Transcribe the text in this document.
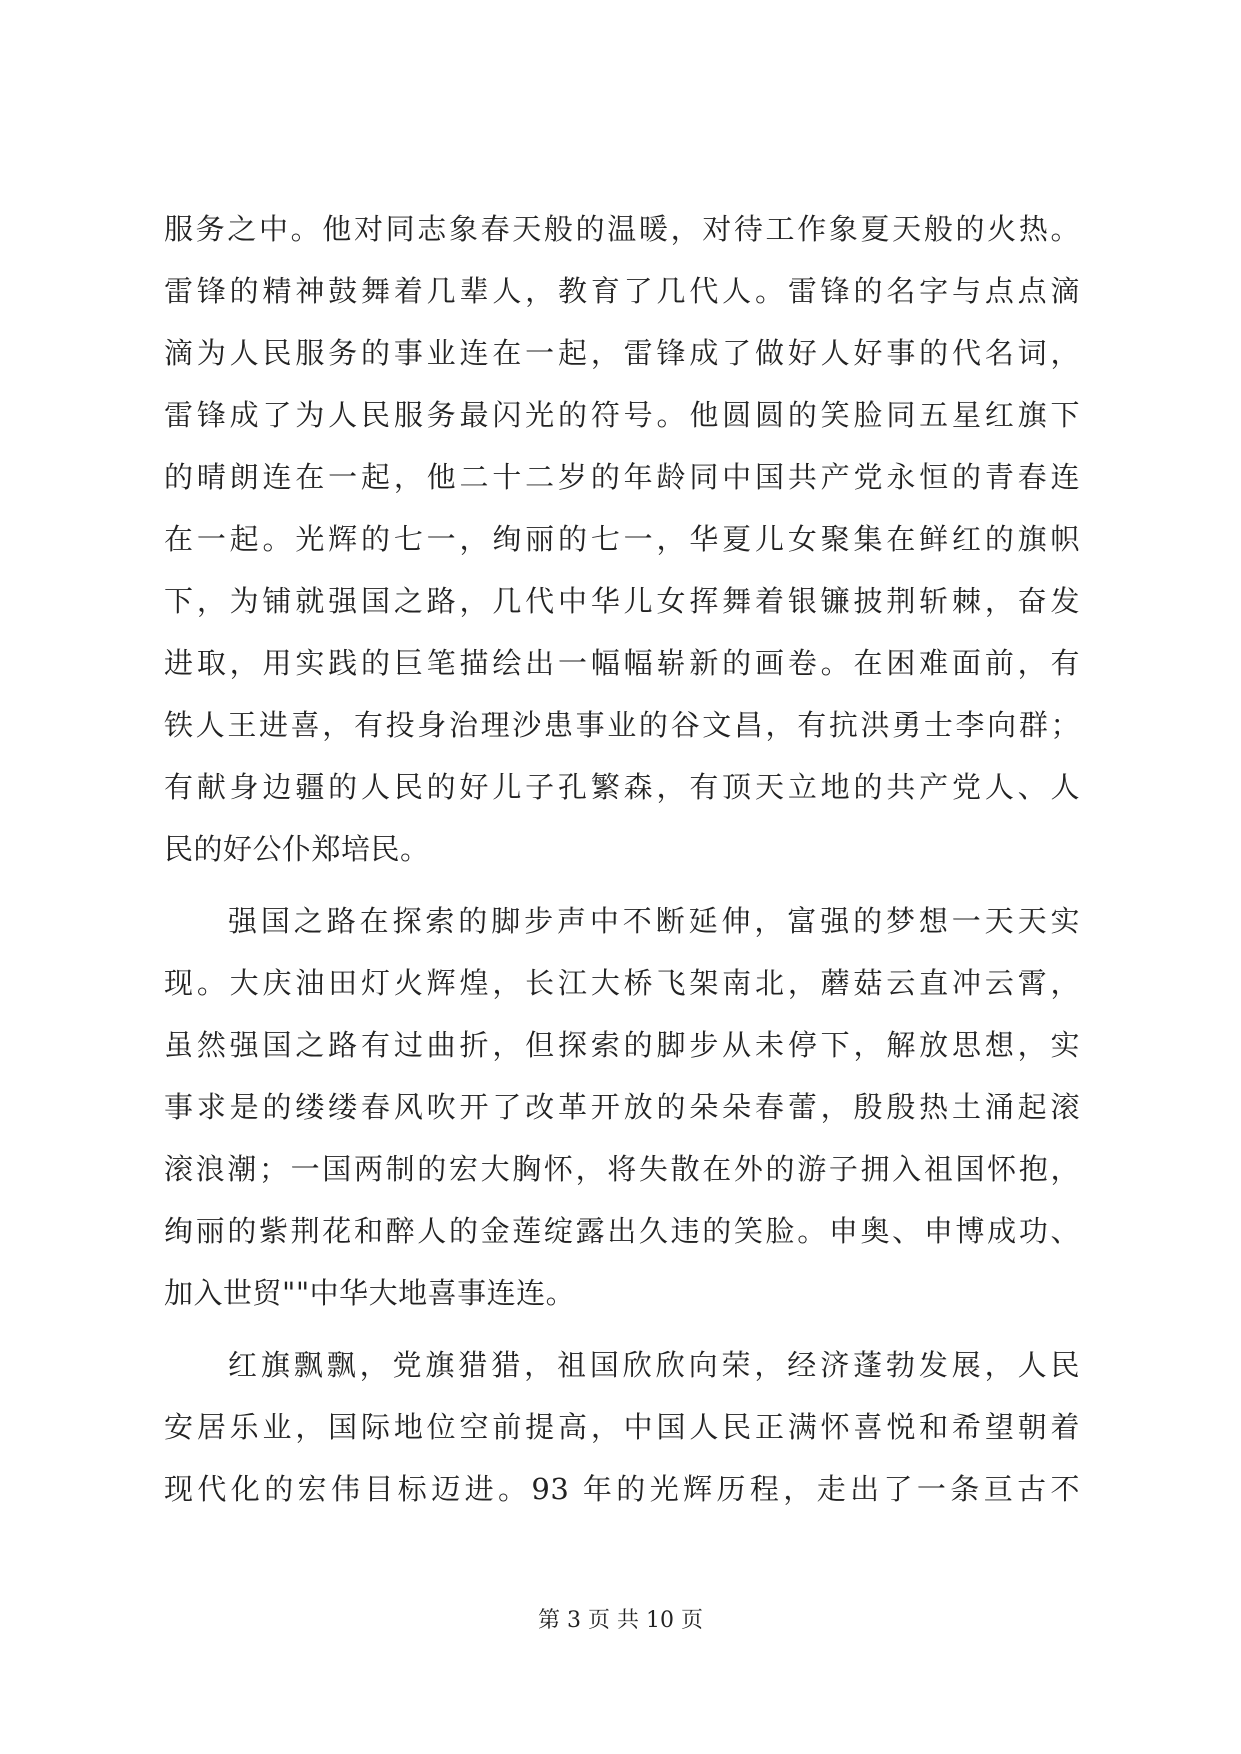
服务之中。他对同志象春天般的温暖，对待工作象夏天般的火热。
雷锋的精神鼓舞着几辈人，教育了几代人。雷锋的名字与点点滴
滴为人民服务的事业连在一起，雷锋成了做好人好事的代名词，
雷锋成了为人民服务最闪光的符号。他圆圆的笑脸同五星红旗下
的晴朗连在一起，他二十二岁的年龄同中国共产党永恒的青春连
在一起。光辉的七一，绚丽的七一，华夏儿女聚集在鲜红的旗帜
下，为铺就强国之路，几代中华儿女挥舞着银镰披荆斩棘，奋发
进取，用实践的巨笔描绘出一幅幅崭新的画卷。在困难面前，有
铁人王进喜，有投身治理沙患事业的谷文昌，有抗洪勇士李向群；
有献身边疆的人民的好儿子孔繁森，有顶天立地的共产党人、人
民的好公仆郑培民。
强国之路在探索的脚步声中不断延伸，富强的梦想一天天实
现。大庆油田灯火辉煌，长江大桥飞架南北，蘑菇云直冲云霄，
虽然强国之路有过曲折，但探索的脚步从未停下，解放思想，实
事求是的缕缕春风吹开了改革开放的朵朵春蕾，殷殷热土涌起滚
滚浪潮；一国两制的宏大胸怀，将失散在外的游子拥入祖国怀抱，
绚丽的紫荆花和醉人的金莲绽露出久违的笑脸。申奥、申博成功、
加入世贸""中华大地喜事连连。
红旗飘飘，党旗猎猎，祖国欣欣向荣，经济蓬勃发展，人民
安居乐业，国际地位空前提高，中国人民正满怀喜悦和希望朝着
现代化的宏伟目标迈进。93 年的光辉历程，走出了一条亘古不
第 3 页 共 10 页
